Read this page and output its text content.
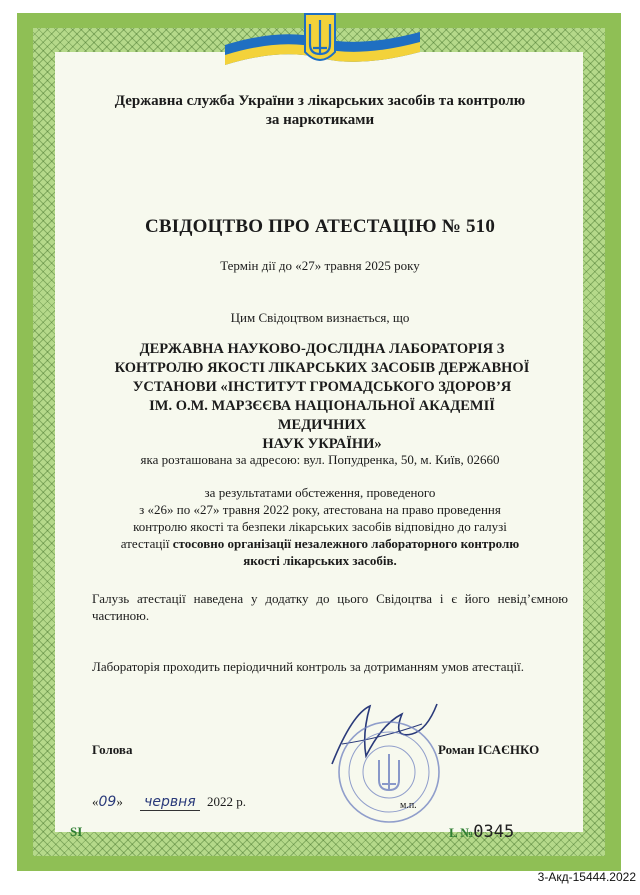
Державна служба України з лікарських засобів та контролю
за наркотиками
СВІДОЦТВО ПРО АТЕСТАЦІЮ № 510
Термін дії до «27» травня 2025 року
Цим Свідоцтвом визнається, що
ДЕРЖАВНА НАУКОВО-ДОСЛІДНА ЛАБОРАТОРІЯ З
КОНТРОЛЮ ЯКОСТІ ЛІКАРСЬКИХ ЗАСОБІВ ДЕРЖАВНОЇ
УСТАНОВИ «ІНСТИТУТ ГРОМАДСЬКОГО ЗДОРОВ’Я
ІМ. О.М. МАРЗЄЄВА НАЦІОНАЛЬНОЇ АКАДЕМІЇ МЕДИЧНИХ
НАУК УКРАЇНИ»
яка розташована за адресою: вул. Попудренка, 50, м. Київ, 02660
за результатами обстеження, проведеного
з «26» по «27» травня 2022 року, атестована на право проведення
контролю якості та безпеки лікарських засобів відповідно до галузі
атестації стосовно організації незалежного лабораторного контролю
якості лікарських засобів.
Галузь атестації наведена у додатку до цього Свідоцтва і є його невід’ємною частиною.
Лабораторія проходить періодичний контроль за дотриманням умов атестації.
Голова	Роман ІСАЄНКО
«09» червня 2022 р.	м.п.
SI	L №0345
3-Акд-15444.2022
